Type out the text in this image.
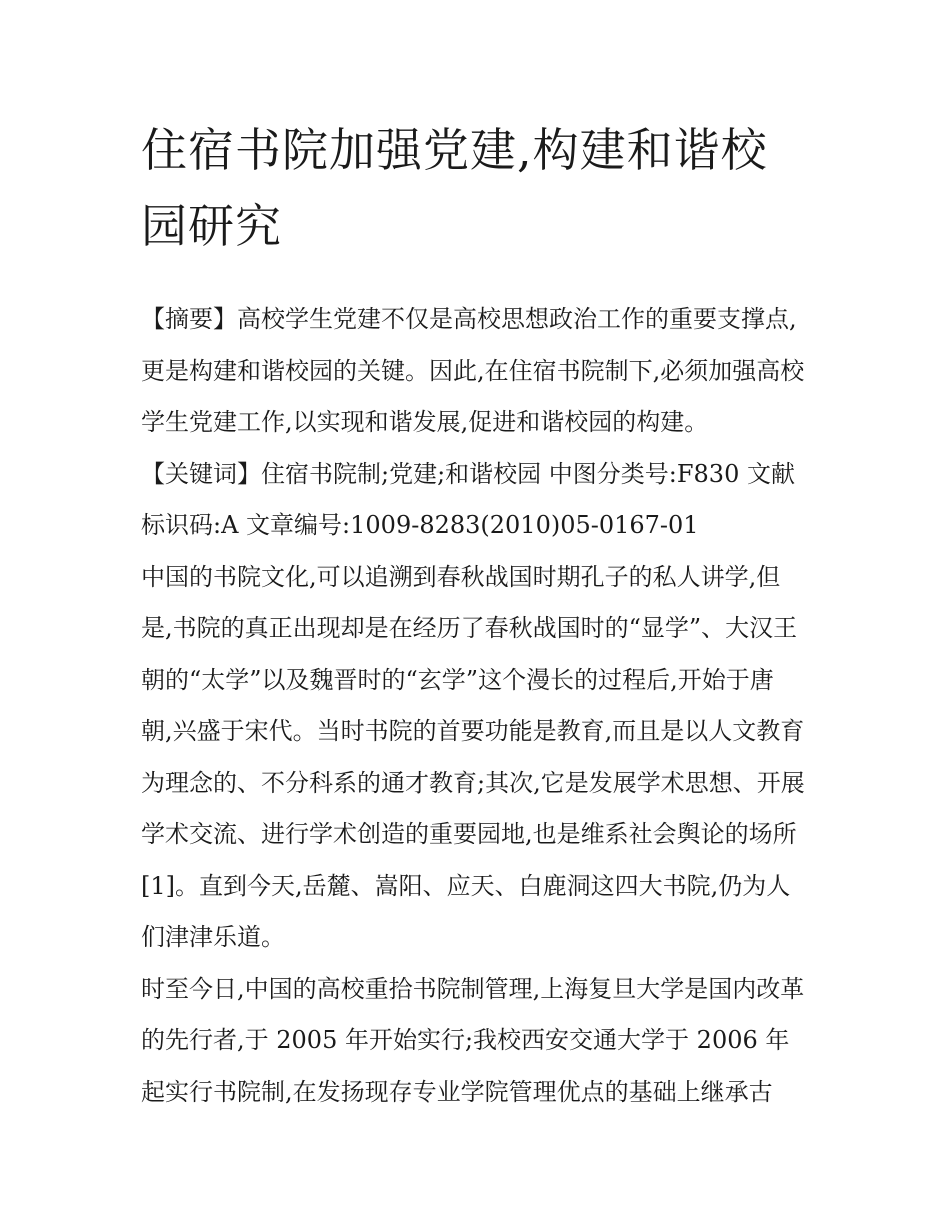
住宿书院加强党建,构建和谐校园研究

【摘要】高校学生党建不仅是高校思想政治工作的重要支撑点,更是构建和谐校园的关键。因此,在住宿书院制下,必须加强高校学生党建工作,以实现和谐发展,促进和谐校园的构建。

【关键词】住宿书院制;党建;和谐校园 中图分类号:F830 文献标识码:A 文章编号:1009-8283(2010)05-0167-01

中国的书院文化,可以追溯到春秋战国时期孔子的私人讲学,但是,书院的真正出现却是在经历了春秋战国时的“显学”、大汉王朝的“太学”以及魏晋时的“玄学”这个漫长的过程后,开始于唐朝,兴盛于宋代。当时书院的首要功能是教育,而且是以人文教育为理念的、不分科系的通才教育;其次,它是发展学术思想、开展学术交流、进行学术创造的重要园地,也是维系社会舆论的场所[1]。直到今天,岳麓、嵩阳、应天、白鹿洞这四大书院,仍为人们津津乐道。

时至今日,中国的高校重拾书院制管理,上海复旦大学是国内改革的先行者,于 2005 年开始实行;我校西安交通大学于 2006 年起实行书院制,在发扬现存专业学院管理优点的基础上继承古
